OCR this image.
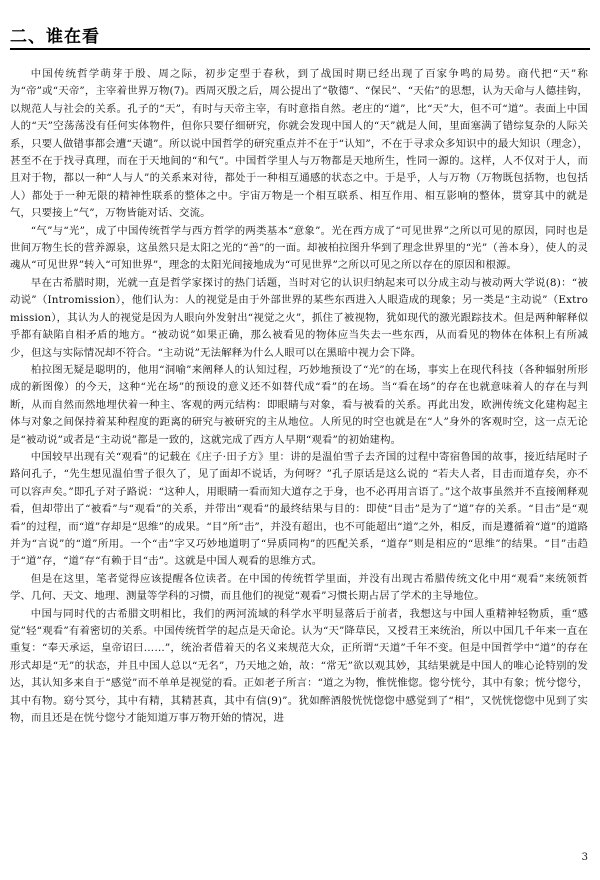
二、谁在看

中国传统哲学萌芽于殷、周之际，初步定型于春秋，到了战国时期已经出现了百家争鸣的局势。商代把“天”称为“帝”或“天帝”，主宰着世界万物(7)。西周灭殷之后，周公提出了“敬德”、“保民”、“天佑”的思想，认为天命与人德挂钩，以规范人与社会的关系。孔子的“天”，有时与天帝主宰，有时意指自然。老庄的“道”，比“天”大，但不可“道”。表面上中国人的“天”空荡荡没有任何实体物件，但你只要仔细研究，你就会发现中国人的“天”就是人间，里面塞满了错综复杂的人际关系，只要人做错事都会遭“天谴”。所以说中国哲学的研究重点并不在于“认知”，不在于寻求众多知识中的最大知识（理念），甚至不在于找寻真理，而在于天地间的“和气”。中国哲学里人与万物都是天地所生，性同一源的。这样，人不仅对于人，而且对于物，都以一种“人与人”的关系来对待，都处于一种相互通感的状态之中。于是乎，人与万物（万物既包括物，也包括人）都处于一种无限的精神性联系的整体之中。宇宙万物是一个相互联系、相互作用、相互影响的整体，贯穿其中的就是气，只要接上“气”，万物皆能对话、交流。

“气”与“光”，成了中国传统哲学与西方哲学的两类基本“意象”。光在西方成了“可见世界”之所以可见的原因，同时也是世间万物生长的营养源泉，这虽然只是太阳之光的“善”的一面。却被柏拉图升华到了理念世界里的“光”（善本身），使人的灵魂从“可见世界”转入“可知世界”，理念的太阳光间接地成为“可见世界”之所以可见之所以存在的原因和根源。

早在古希腊时期，光就一直是哲学家探讨的热门话题，当时对它的认识归纳起来可以分成主动与被动两大学说(8)：“被动说”（Intromission），他们认为：人的视觉是由于外部世界的某些东西进入人眼造成的现象；另一类是“主动说”（Extromission），其认为人的视觉是因为人眼向外发射出“视觉之火”，抓住了被视物，犹如现代的激光跟踪技术。但是两种解释似乎都有缺陷自相矛盾的地方。“被动说”如果正确，那么被看见的物体应当失去一些东西，从而看见的物体在体积上有所减少，但这与实际情况却不符合。“主动说”无法解释为什么人眼可以在黑暗中视力会下降。

柏拉图无疑是聪明的，他用“洞喻”来阐释人的认知过程，巧妙地预设了“光”的在场，事实上在现代科技（各种辐射所形成的新图像）的今天，这种“光在场”的预设的意义还不如替代成“看”的在场。当“看在场”的存在也就意味着人的存在与判断，从而自然而然地埋伏着一种主、客观的两元结构：即眼睛与对象，看与被看的关系。再此出发，欧洲传统文化建构起主体与对象之间保持着某种程度的距离的研究与被研究的主从地位。人所见的时空也就是在“人”身外的客观时空，这一点无论是“被动说”或者是“主动说”都是一致的，这就完成了西方人早期“观看”的初始建构。

中国较早出现有关“观看”的记载在《庄子·田子方》里：讲的是温伯雪子去齐国的过程中寄宿鲁国的故事，接近结尾时子路问孔子，“先生想见温伯雪子很久了，见了面却不说话，为何呀？”孔子原话是这么说的 “若夫人者，目击而道存矣，亦不可以容声矣。”即孔子对子路说：“这种人，用眼睛一看而知大道存之于身，也不必再用言语了。”这个故事虽然并不直接阐释观看，但却带出了“被看”与“观看”的关系，并带出“观看”的最终结果与目的：即使“目击”是为了“道”存的关系。“目击”是“观看”的过程，而“道”存却是“思维”的成果。“目”所“击”，并没有超出，也不可能超出“道”之外，相反，而是遵循着“道”的道路并为“言说”的“道”所用。一个“击”字又巧妙地道明了“异质同构”的匹配关系，“道存”则是相应的“思维”的结果。“目”击趋于“道”存，“道”存“有赖于目“击”。这就是中国人观看的思维方式。

但是在这里，笔者觉得应该提醒各位读者。在中国的传统哲学里面，并没有出现古希腊传统文化中用“观看”来统领哲学、几何、天文、地理、测量等学科的习惯，而且他们的视觉“观看”习惯长期占居了学术的主导地位。

中国与同时代的古希腊文明相比，我们的两河流域的科学水平明显落后于前者，我想这与中国人重精神轻物质，重“感觉”轻“观看”有着密切的关系。中国传统哲学的起点是天命论。认为“天”降草民，又授君王来统治，所以中国几千年来一直在重复：“奉天承运，皇帝诏曰……”，统治者借着天的名义来规范大众，正所谓“天道”千年不变。但是中国哲学中“道”的存在形式却是“无”的状态，并且中国人总以“无名”，乃天地之始，故：“常无”欲以观其妙，其结果就是中国人的唯心论特别的发达，其认知多来自于“感觉”而不单单是视觉的看。正如老子所言：“道之为物，惟恍惟惚。惚兮恍兮，其中有象；恍兮惚兮，其中有物。窈兮冥兮，其中有精，其精甚真，其中有信(9)”。犹如醉酒般恍恍惚惚中感觉到了“相”，又恍恍惚惚中见到了实物，而且还是在恍兮惚兮才能知道万事万物开始的情况，进

3
